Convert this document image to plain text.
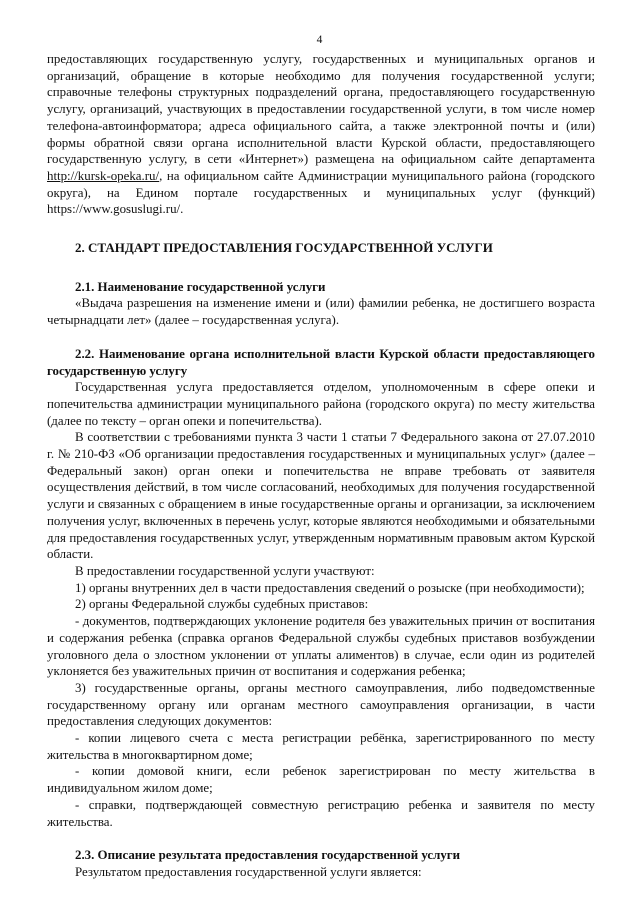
4

предоставляющих государственную услугу, государственных и муниципальных органов и организаций, обращение в которые необходимо для получения государственной услуги; справочные телефоны структурных подразделений органа, предоставляющего государственную услугу, организаций, участвующих в предоставлении государственной услуги, в том числе номер телефона-автоинформатора; адреса официального сайта, а также электронной почты и (или) формы обратной связи органа исполнительной власти Курской области, предоставляющего государственную услугу, в сети «Интернет») размещена на официальном сайте департамента http://kursk-opeka.ru/, на официальном сайте Администрации муниципального района (городского округа), на Едином портале государственных и муниципальных услуг (функций) https://www.gosuslugi.ru/.

2. СТАНДАРТ ПРЕДОСТАВЛЕНИЯ ГОСУДАРСТВЕННОЙ УСЛУГИ

2.1. Наименование государственной услуги

«Выдача разрешения на изменение имени и (или) фамилии ребенка, не достигшего возраста четырнадцати лет» (далее – государственная услуга).

2.2. Наименование органа исполнительной власти Курской области предоставляющего государственную услугу

Государственная услуга предоставляется отделом, уполномоченным в сфере опеки и попечительства администрации муниципального района (городского округа) по месту жительства (далее по тексту – орган опеки и попечительства).

В соответствии с требованиями пункта 3 части 1 статьи 7 Федерального закона от 27.07.2010 г. № 210-ФЗ «Об организации предоставления государственных и муниципальных услуг» (далее – Федеральный закон) орган опеки и попечительства не вправе требовать от заявителя осуществления действий, в том числе согласований, необходимых для получения государственной услуги и связанных с обращением в иные государственные органы и организации, за исключением получения услуг, включенных в перечень услуг, которые являются необходимыми и обязательными для предоставления государственных услуг, утвержденным нормативным правовым актом Курской области.

В предоставлении государственной услуги участвуют:

1) органы внутренних дел в части предоставления сведений о розыске (при необходимости);

2) органы Федеральной службы судебных приставов:

- документов, подтверждающих уклонение родителя без уважительных причин от воспитания и содержания ребенка (справка органов Федеральной службы судебных приставов возбуждении уголовного дела о злостном уклонении от уплаты алиментов) в случае, если один из родителей уклоняется без уважительных причин от воспитания и содержания ребенка;

3) государственные органы, органы местного самоуправления, либо подведомственные государственному органу или органам местного самоуправления организации, в части предоставления следующих документов:

- копии лицевого счета с места регистрации ребёнка, зарегистрированного по месту жительства в многоквартирном доме;

- копии домовой книги, если ребенок зарегистрирован по месту жительства в индивидуальном жилом доме;

- справки, подтверждающей совместную регистрацию ребенка и заявителя по месту жительства.

2.3. Описание результата предоставления государственной услуги

Результатом предоставления государственной услуги является:
